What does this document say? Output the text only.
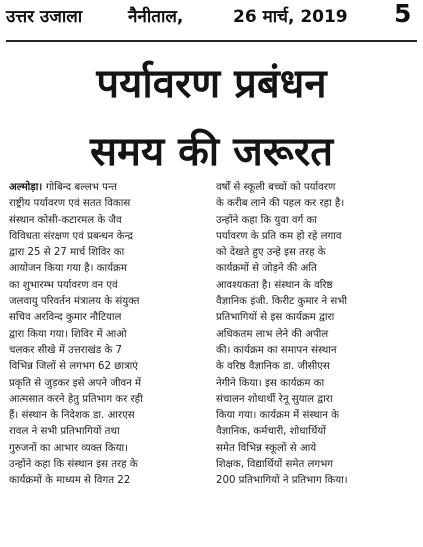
उत्तर उजाला	नैनीताल,	26 मार्च, 2019 5
पर्यावरण प्रबंधन
समय की जरूरत
अल्मोड़ा। गोबिन्द बल्लभ पन्त
राष्ट्रीय पर्यावरण एवं सतत विकास
संस्थान कोसी-कटारमल के जैव
विविधता संरक्षण एवं प्रबन्धन केन्द्र
द्वारा 25 से 27 मार्च शिविर का
आयोजन किया गया है। कार्यक्रम
का शुभारम्भ पर्यावरण वन एवं
जलवायु परिवर्तन मंत्रालय के संयुक्त
सचिव अरविन्द कुमार नौटियाल
द्वारा किया गया। शिविर में आओ
चलकर सीखे में उत्तराखंड के 7
विभिन्न जिलों से लगभग 62 छात्राएं
प्रकृति से जुड़कर इसे अपने जीवन में
आत्मसात करने हेतु प्रतिभाग कर रही
हैं। संस्थान के निदेशक डा. आरएस
रावल ने सभी प्रतिभागियों तथा
गुरुजनों का आभार व्यक्त किया।
उन्होंने कहा कि संस्थान इस तरह के
कार्यक्रमों के माध्यम से विगत 22
वर्षों से स्कूली बच्चों को पर्यावरण
के करीब लाने की पहल कर रहा है।
उन्होंने कहा कि युवा वर्ग का
पर्यावरण के प्रति कम हो रहे लगाव
को देखते हुए उन्हे इस तरह के
कार्यक्रमों से जोड़ने की अति
आवश्यकता है। संस्थान के वरिष्ठ
वैज्ञानिक इंजी. किरीट कुमार ने सभी
प्रतिभागियों से इस कार्यक्रम द्वारा
अधिकतम लाभ लेने की अपील
की। कार्यक्रम का समापन संस्थान
के वरिष्ठ वैज्ञानिक डा. जीसीएस
नेगीने किया। इस कार्यक्रम का
संचालन शोधार्थी रेनू सुयाल द्वारा
किया गया। कार्यक्रम में संस्थान के
वैज्ञानिक, कर्मचारी, शोधार्थियों
समेत विभिन्न स्कूलों से आये
शिक्षक, विद्यार्थियों समेत लगभग
200 प्रतिभागियों ने प्रतिभाग किया।
